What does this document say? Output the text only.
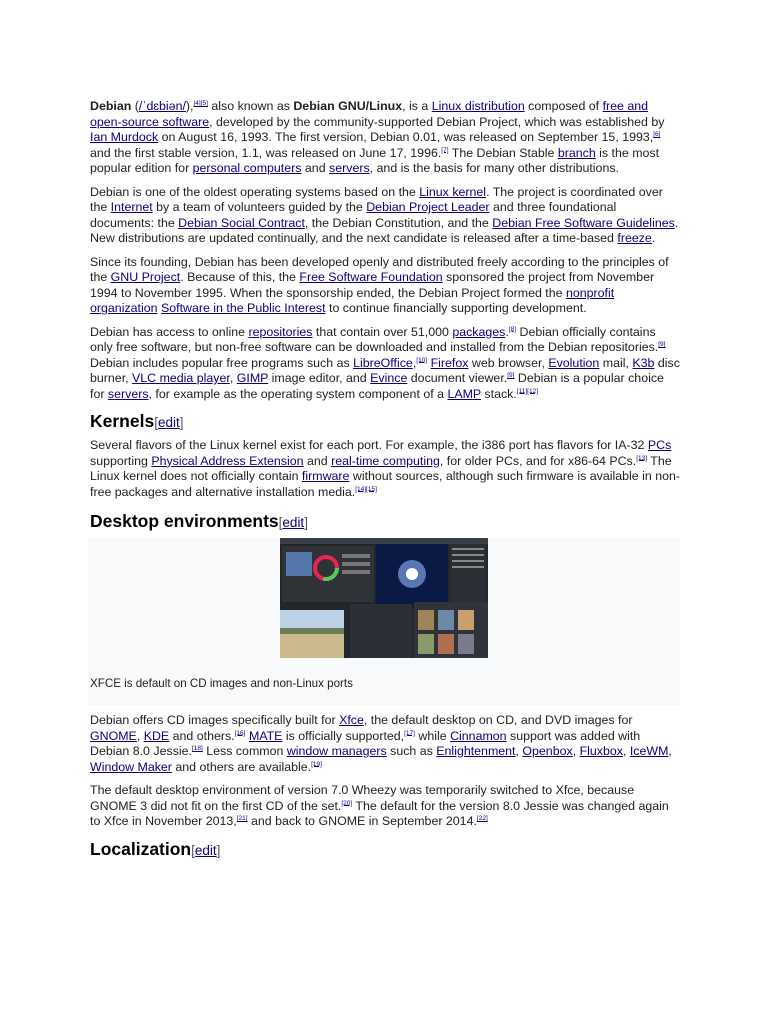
Debian (/ˈdɛbiən/),[4][5] also known as Debian GNU/Linux, is a Linux distribution composed of free and open-source software, developed by the community-supported Debian Project, which was established by Ian Murdock on August 16, 1993. The first version, Debian 0.01, was released on September 15, 1993,[6] and the first stable version, 1.1, was released on June 17, 1996.[7] The Debian Stable branch is the most popular edition for personal computers and servers, and is the basis for many other distributions.

Debian is one of the oldest operating systems based on the Linux kernel. The project is coordinated over the Internet by a team of volunteers guided by the Debian Project Leader and three foundational documents: the Debian Social Contract, the Debian Constitution, and the Debian Free Software Guidelines. New distributions are updated continually, and the next candidate is released after a time-based freeze.

Since its founding, Debian has been developed openly and distributed freely according to the principles of the GNU Project. Because of this, the Free Software Foundation sponsored the project from November 1994 to November 1995. When the sponsorship ended, the Debian Project formed the nonprofit organization Software in the Public Interest to continue financially supporting development.

Debian has access to online repositories that contain over 51,000 packages.[8] Debian officially contains only free software, but non-free software can be downloaded and installed from the Debian repositories.[9] Debian includes popular free programs such as LibreOffice,[10] Firefox web browser, Evolution mail, K3b disc burner, VLC media player, GIMP image editor, and Evince document viewer.[9] Debian is a popular choice for servers, for example as the operating system component of a LAMP stack.[11][12]

Kernels[edit]

Several flavors of the Linux kernel exist for each port. For example, the i386 port has flavors for IA-32 PCs supporting Physical Address Extension and real-time computing, for older PCs, and for x86-64 PCs.[13] The Linux kernel does not officially contain firmware without sources, although such firmware is available in non-free packages and alternative installation media.[14][15]

Desktop environments[edit]
XFCE is default on CD images and non-Linux ports

Debian offers CD images specifically built for Xfce, the default desktop on CD, and DVD images for GNOME, KDE and others.[16] MATE is officially supported,[17] while Cinnamon support was added with Debian 8.0 Jessie.[18] Less common window managers such as Enlightenment, Openbox, Fluxbox, IceWM, Window Maker and others are available.[19]

The default desktop environment of version 7.0 Wheezy was temporarily switched to Xfce, because GNOME 3 did not fit on the first CD of the set.[20] The default for the version 8.0 Jessie was changed again to Xfce in November 2013,[21] and back to GNOME in September 2014.[22]

Localization[edit]
